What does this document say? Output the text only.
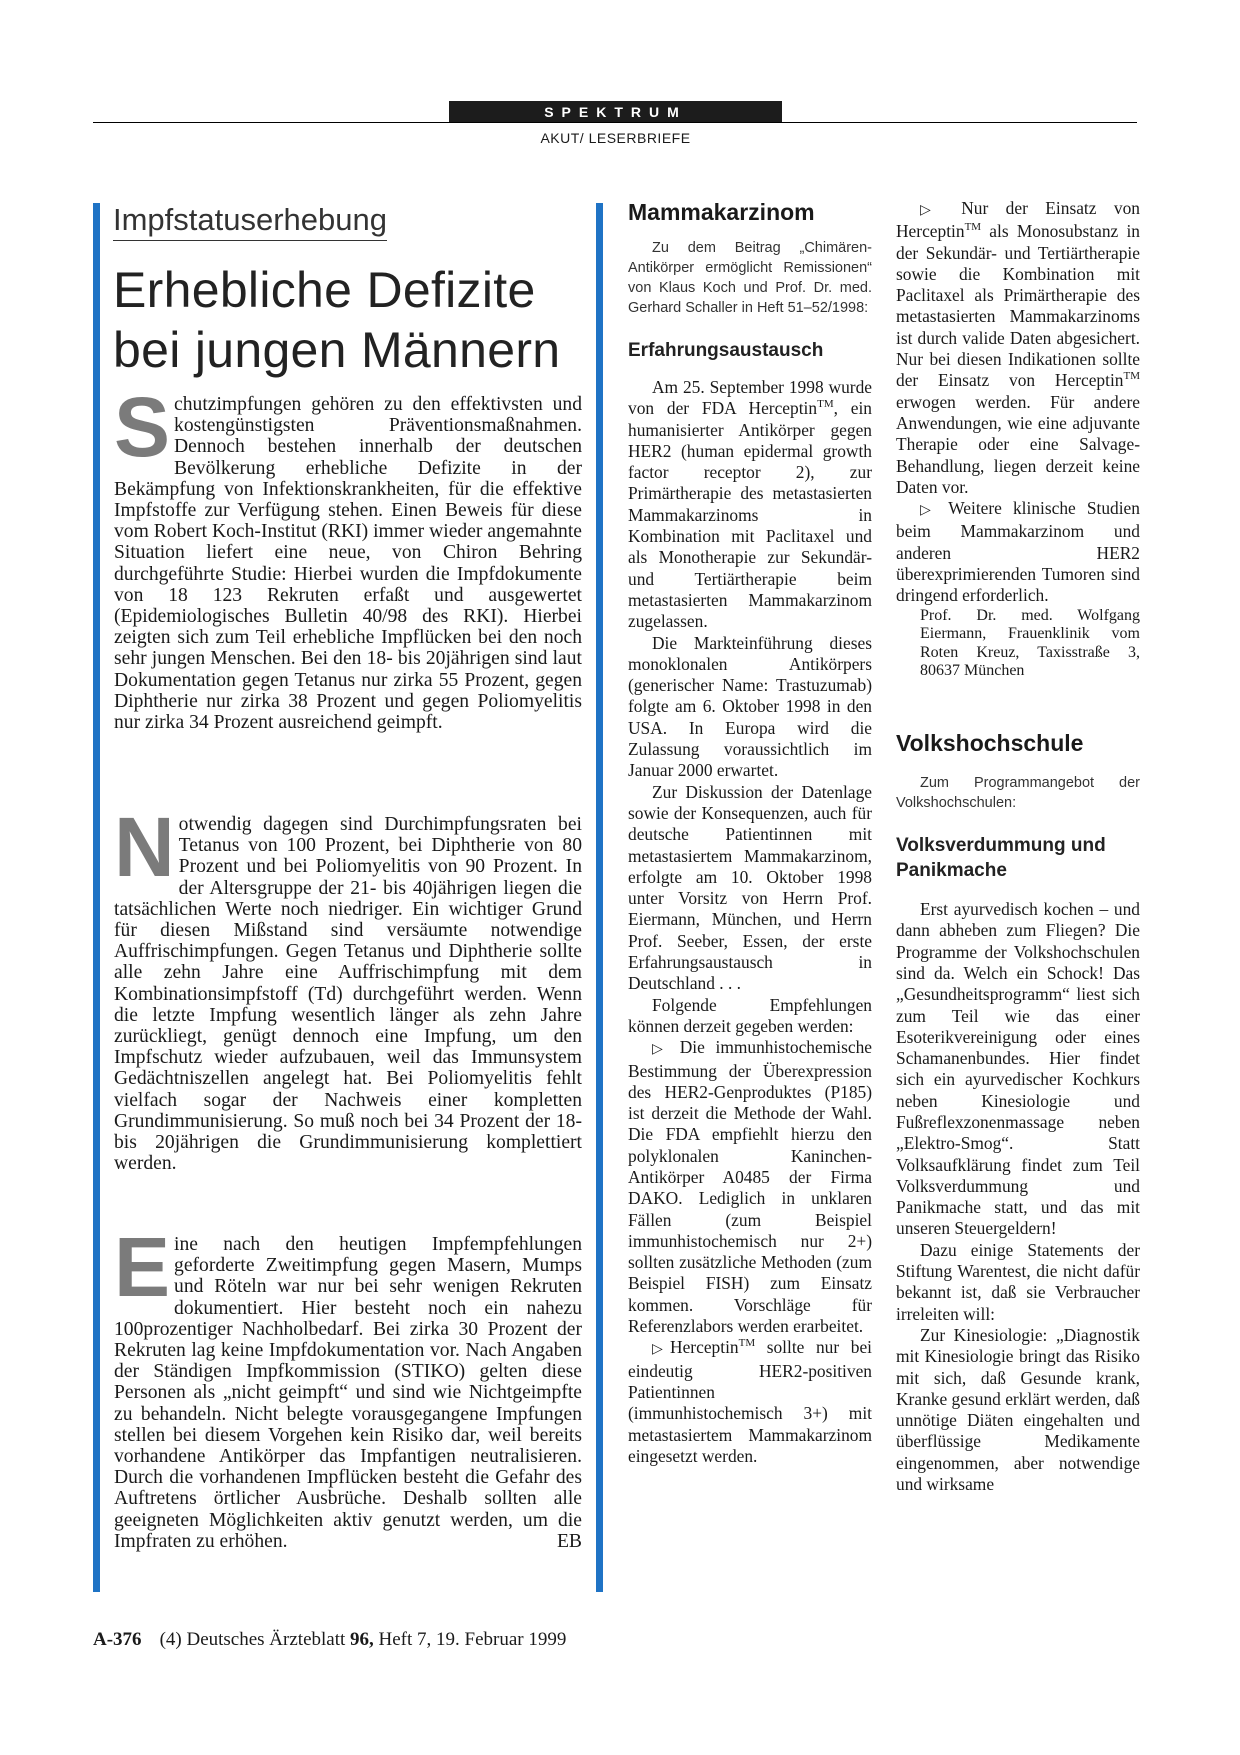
SPEKTRUM
AKUT/ LESERBRIEFE
Impfstatuserhebung
Erhebliche Defizite bei jungen Männern

Schutzimpfungen gehören zu den effektivsten und kostengünstigsten Präventionsmaßnahmen. Dennoch bestehen innerhalb der deutschen Bevölkerung erhebliche Defizite in der Bekämpfung von Infektionskrankheiten, für die effektive Impfstoffe zur Verfügung stehen. Einen Beweis für diese vom Robert Koch-Institut (RKI) immer wieder angemahnte Situation liefert eine neue, von Chiron Behring durchgeführte Studie: Hierbei wurden die Impfdokumente von 18 123 Rekruten erfaßt und ausgewertet (Epidemiologisches Bulletin 40/98 des RKI). Hierbei zeigten sich zum Teil erhebliche Impflücken bei den noch sehr jungen Menschen. Bei den 18- bis 20jährigen sind laut Dokumentation gegen Tetanus nur zirka 55 Prozent, gegen Diphtherie nur zirka 38 Prozent und gegen Poliomyelitis nur zirka 34 Prozent ausreichend geimpft.

Notwendig dagegen sind Durchimpfungsraten bei Tetanus von 100 Prozent, bei Diphtherie von 80 Prozent und bei Poliomyelitis von 90 Prozent. In der Altersgruppe der 21- bis 40jährigen liegen die tatsächlichen Werte noch niedriger. Ein wichtiger Grund für diesen Mißstand sind versäumte notwendige Auffrischimpfungen. Gegen Tetanus und Diphtherie sollte alle zehn Jahre eine Auffrischimpfung mit dem Kombinationsimpfstoff (Td) durchgeführt werden. Wenn die letzte Impfung wesentlich länger als zehn Jahre zurückliegt, genügt dennoch eine Impfung, um den Impfschutz wieder aufzubauen, weil das Immunsystem Gedächtniszellen angelegt hat. Bei Poliomyelitis fehlt vielfach sogar der Nachweis einer kompletten Grundimmunisierung. So muß noch bei 34 Prozent der 18- bis 20jährigen die Grundimmunisierung komplettiert werden.

Eine nach den heutigen Impfempfehlungen geforderte Zweitimpfung gegen Masern, Mumps und Röteln war nur bei sehr wenigen Rekruten dokumentiert. Hier besteht noch ein nahezu 100prozentiger Nachholbedarf. Bei zirka 30 Prozent der Rekruten lag keine Impfdokumentation vor. Nach Angaben der Ständigen Impfkommission (STIKO) gelten diese Personen als „nicht geimpft“ und sind wie Nichtgeimpfte zu behandeln. Nicht belegte vorausgegangene Impfungen stellen bei diesem Vorgehen kein Risiko dar, weil bereits vorhandene Antikörper das Impfantigen neutralisieren. Durch die vorhandenen Impflücken besteht die Gefahr des Auftretens örtlicher Ausbrüche. Deshalb sollten alle geeigneten Möglichkeiten aktiv genutzt werden, um die Impfraten zu erhöhen.	EB

Mammakarzinom

Zu dem Beitrag „Chimären-Antikörper ermöglicht Remissionen“ von Klaus Koch und Prof. Dr. med. Gerhard Schaller in Heft 51–52/1998:

Erfahrungsaustausch

Am 25. September 1998 wurde von der FDA Herceptin™, ein humanisierter Antikörper gegen HER2 (human epidermal growth factor receptor 2), zur Primärtherapie des metastasierten Mammakarzinoms in Kombination mit Paclitaxel und als Monotherapie zur Sekundär- und Tertiärtherapie beim metastasierten Mammakarzinom zugelassen.

Die Markteinführung dieses monoklonalen Antikörpers (generischer Name: Trastuzumab) folgte am 6. Oktober 1998 in den USA. In Europa wird die Zulassung voraussichtlich im Januar 2000 erwartet.

Zur Diskussion der Datenlage sowie der Konsequenzen, auch für deutsche Patientinnen mit metastasiertem Mammakarzinom, erfolgte am 10. Oktober 1998 unter Vorsitz von Herrn Prof. Eiermann, München, und Herrn Prof. Seeber, Essen, der erste Erfahrungsaustausch in Deutschland . . .

Folgende Empfehlungen können derzeit gegeben werden:

▷ Die immunhistochemische Bestimmung der Überexpression des HER2-Genproduktes (P185) ist derzeit die Methode der Wahl. Die FDA empfiehlt hierzu den polyklonalen Kaninchen-Antikörper A0485 der Firma DAKO. Lediglich in unklaren Fällen (zum Beispiel immunhistochemisch nur 2+) sollten zusätzliche Methoden (zum Beispiel FISH) zum Einsatz kommen. Vorschläge für Referenzlabors werden erarbeitet.

▷Herceptin™ sollte nur bei eindeutig HER2-positiven Patientinnen (immunhistochemisch 3+) mit metastasiertem Mammakarzinom eingesetzt werden.

▷ Nur der Einsatz von Herceptin™ als Monosubstanz in der Sekundär- und Tertiärtherapie sowie die Kombination mit Paclitaxel als Primärtherapie des metastasierten Mammakarzinoms ist durch valide Daten abgesichert. Nur bei diesen Indikationen sollte der Einsatz von Herceptin™ erwogen werden. Für andere Anwendungen, wie eine adjuvante Therapie oder eine Salvage-Behandlung, liegen derzeit keine Daten vor.

▷ Weitere klinische Studien beim Mammakarzinom und anderen HER2 überexprimierenden Tumoren sind dringend erforderlich.

Prof. Dr. med. Wolfgang Eiermann, Frauenklinik vom Roten Kreuz, Taxisstraße 3, 80637 München

Volkshochschule

Zum Programmangebot der Volkshochschulen:

Volksverdummung und Panikmache

Erst ayurvedisch kochen – und dann abheben zum Fliegen? Die Programme der Volkshochschulen sind da. Welch ein Schock! Das „Gesundheitsprogramm“ liest sich zum Teil wie das einer Esoterikvereinigung oder eines Schamanenbundes. Hier findet sich ein ayurvedischer Kochkurs neben Kinesiologie und Fußreflexzonenmassage neben „Elektro-Smog“. Statt Volksaufklärung findet zum Teil Volksverdummung und Panikmache statt, und das mit unseren Steuergeldern!

Dazu einige Statements der Stiftung Warentest, die nicht dafür bekannt ist, daß sie Verbraucher irreleiten will:

Zur Kinesiologie: „Diagnostik mit Kinesiologie bringt das Risiko mit sich, daß Gesunde krank, Kranke gesund erklärt werden, daß unnötige Diäten eingehalten und überflüssige Medikamente eingenommen, aber notwendige und wirksame

A-376 (4) Deutsches Ärzteblatt 96, Heft 7, 19. Februar 1999
